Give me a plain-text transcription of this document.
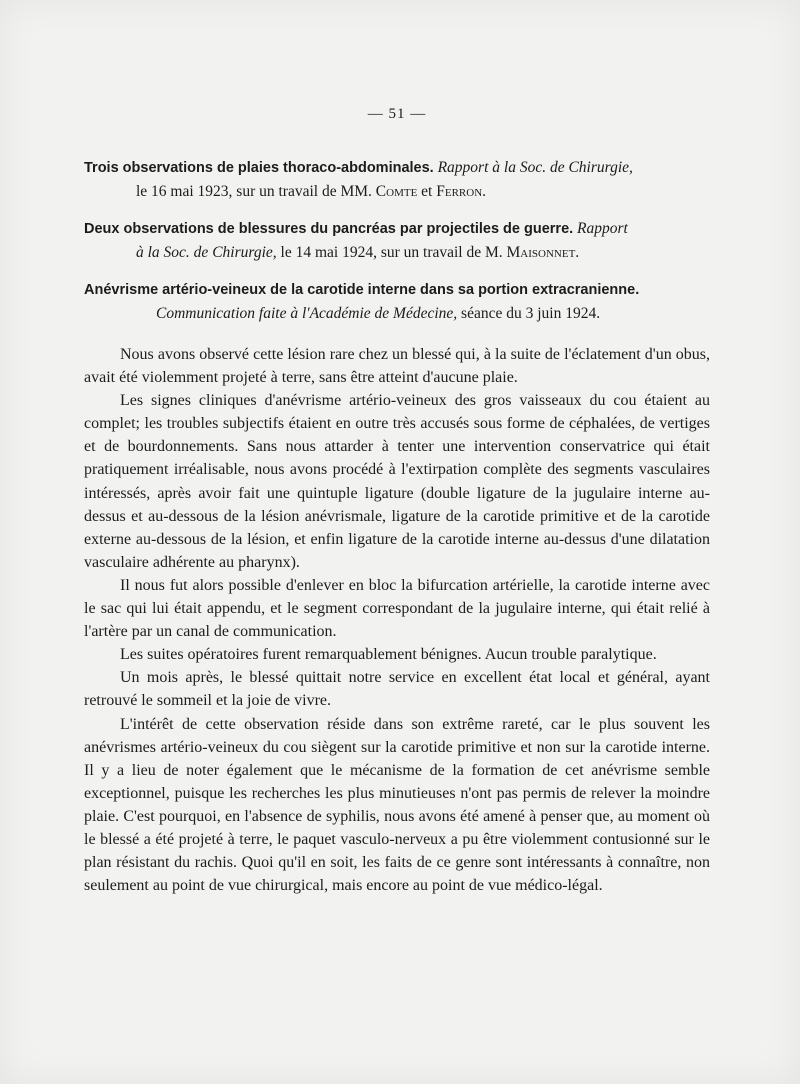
— 51 —
Trois observations de plaies thoraco-abdominales. Rapport à la Soc. de Chirurgie,
le 16 mai 1923, sur un travail de MM. Comte et Ferron.
Deux observations de blessures du pancréas par projectiles de guerre. Rapport
à la Soc. de Chirurgie, le 14 mai 1924, sur un travail de M. Maisonnet.
Anévrisme artério-veineux de la carotide interne dans sa portion extracranienne.
Communication faite à l'Académie de Médecine, séance du 3 juin 1924.

Nous avons observé cette lésion rare chez un blessé qui, à la suite de l'éclatement d'un obus, avait été violemment projeté à terre, sans être atteint d'aucune plaie.

Les signes cliniques d'anévrisme artério-veineux des gros vaisseaux du cou étaient au complet; les troubles subjectifs étaient en outre très accusés sous forme de céphalées, de vertiges et de bourdonnements. Sans nous attarder à tenter une intervention conservatrice qui était pratiquement irréalisable, nous avons procédé à l'extirpation complète des segments vasculaires intéressés, après avoir fait une quintuple ligature (double ligature de la jugulaire interne au-dessus et au-dessous de la lésion anévrismale, ligature de la carotide primitive et de la carotide externe au-dessous de la lésion, et enfin ligature de la carotide interne au-dessus d'une dilatation vasculaire adhérente au pharynx).

Il nous fut alors possible d'enlever en bloc la bifurcation artérielle, la carotide interne avec le sac qui lui était appendu, et le segment correspondant de la jugulaire interne, qui était relié à l'artère par un canal de communication.

Les suites opératoires furent remarquablement bénignes. Aucun trouble paralytique.

Un mois après, le blessé quittait notre service en excellent état local et général, ayant retrouvé le sommeil et la joie de vivre.

L'intérêt de cette observation réside dans son extrême rareté, car le plus souvent les anévrismes artério-veineux du cou siègent sur la carotide primitive et non sur la carotide interne. Il y a lieu de noter également que le mécanisme de la formation de cet anévrisme semble exceptionnel, puisque les recherches les plus minutieuses n'ont pas permis de relever la moindre plaie. C'est pourquoi, en l'absence de syphilis, nous avons été amené à penser que, au moment où le blessé a été projeté à terre, le paquet vasculo-nerveux a pu être violemment contusionné sur le plan résistant du rachis. Quoi qu'il en soit, les faits de ce genre sont intéressants à connaître, non seulement au point de vue chirurgical, mais encore au point de vue médico-légal.
